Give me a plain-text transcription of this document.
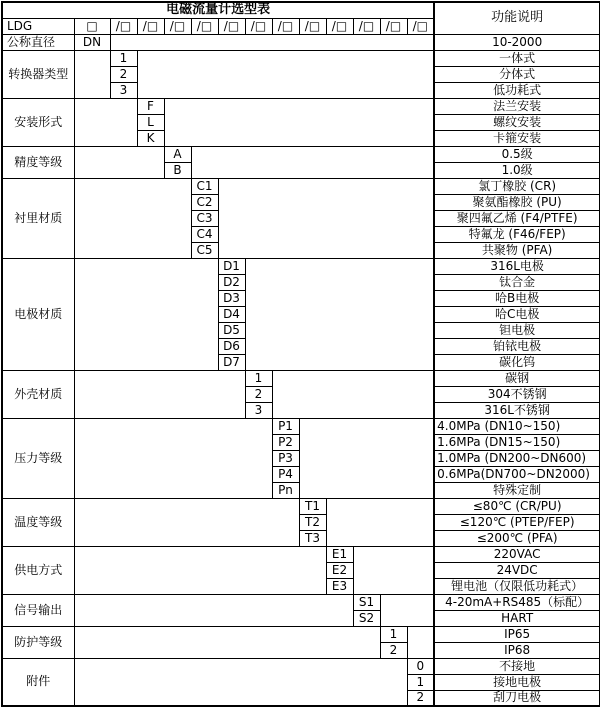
电磁流量计选型表														功能说明
LDG	□	/□	/□	/□	/□	/□	/□	/□	/□	/□	/□	/□	/□	
公称直径	DN													10-2000
转换器类型		1												一体式
		2												分体式
		3												低功耗式
安装形式			F											法兰安装
			L											螺纹安装
			K											卡箍安装
精度等级				A										0.5级
				B										1.0级
衬里材质					C1									氯丁橡胶 (CR)
					C2									聚氨酯橡胶 (PU)
					C3									聚四氟乙烯 (F4/PTFE)
					C4									特氟龙 (F46/FEP)
					C5									共聚物 (PFA)
电极材质						D1								316L电极
						D2								钛合金
						D3								哈B电极
						D4								哈C电极
						D5								钽电极
						D6								铂铱电极
						D7								碳化钨
外壳材质							1							碳钢
							2							304不锈钢
							3							316L不锈钢
压力等级								P1						4.0MPa (DN10~150)
								P2						1.6MPa (DN15~150)
								P3						1.0MPa (DN200~DN600)
								P4						0.6MPa(DN700~DN2000)
								Pn						特殊定制
温度等级									T1					≤80℃ (CR/PU)
									T2					≤120℃ (PTEP/FEP)
									T3					≤200℃ (PFA)
供电方式										E1				220VAC
										E2				24VDC
										E3				锂电池（仅限低功耗式）
信号输出											S1			4-20mA+RS485（标配）
											S2			HART
防护等级												1		IP65
												2		IP68
附件													0	不接地
													1	接地电极
													2	刮刀电极
